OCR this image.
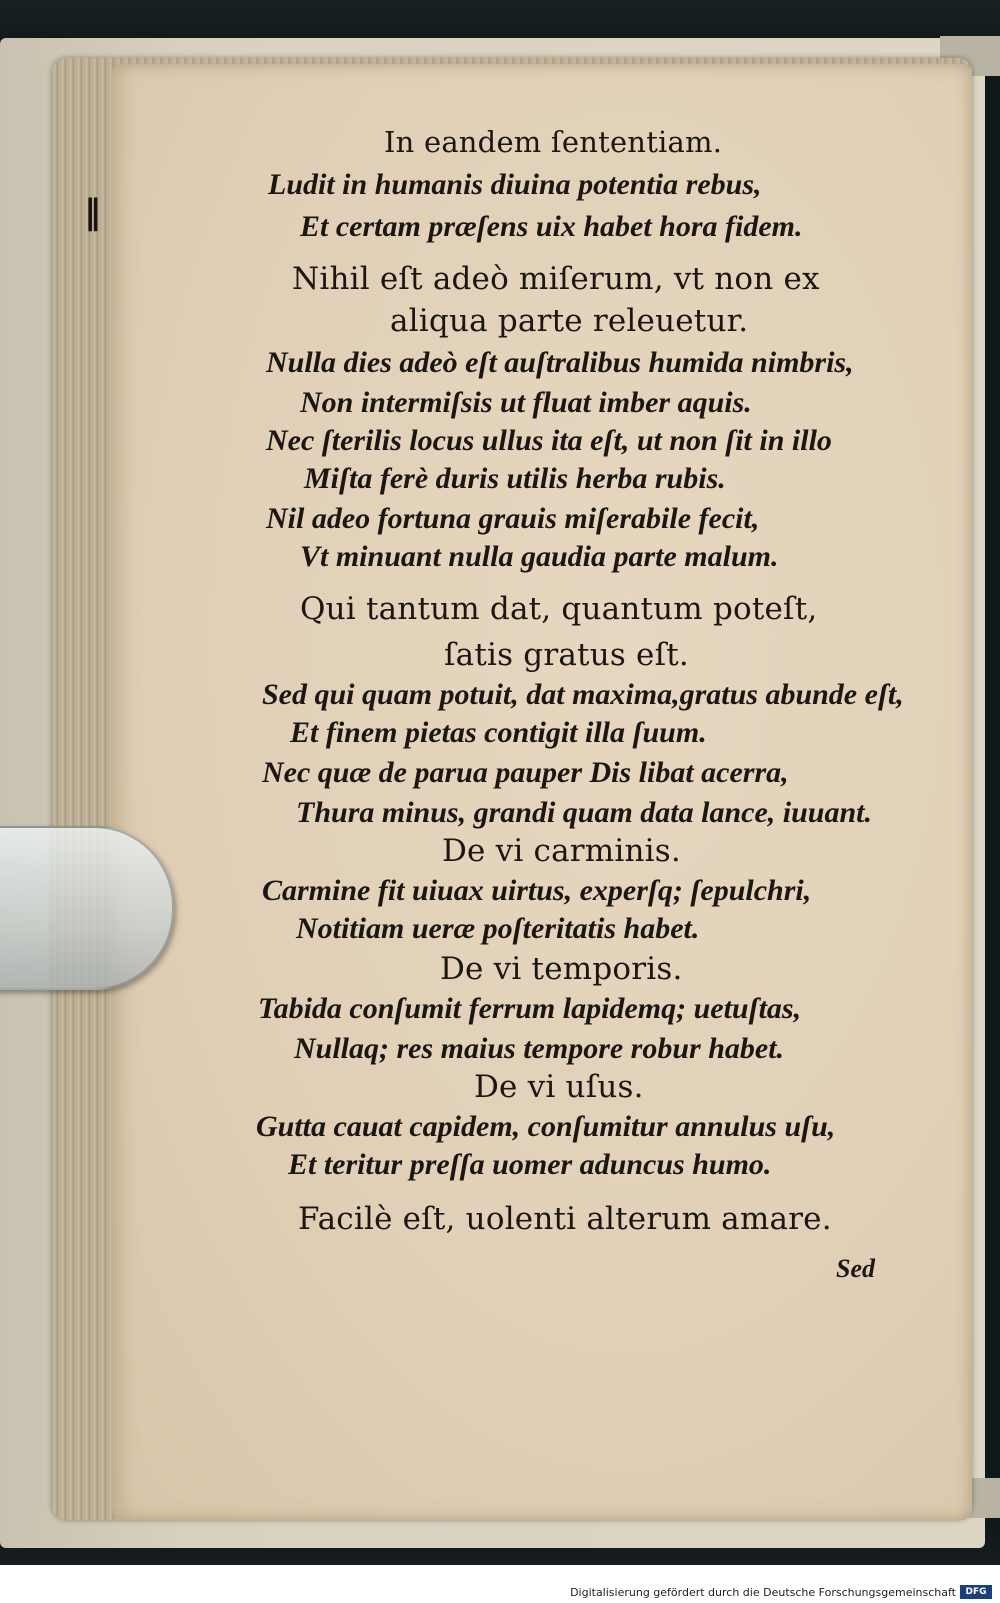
‖
In eandem ſententiam.
Ludit in humanis diuina potentia rebus,
Et certam præſens uix habet hora fidem.
Nihil eſt adeò miſerum, vt non ex
aliqua parte releuetur.
Nulla dies adeò eſt auſtralibus humida nimbris,
Non intermiſsis ut fluat imber aquis.
Nec ſterilis locus ullus ita eſt, ut non ſit in illo
Miſta ferè duris utilis herba rubis.
Nil adeo fortuna grauis miſerabile fecit,
Vt minuant nulla gaudia parte malum.
Qui tantum dat, quantum poteſt,
ſatis gratus eſt.
Sed qui quam potuit, dat maxima,gratus abunde eſt,
Et finem pietas contigit illa ſuum.
Nec quæ de parua pauper Dis libat acerra,
Thura minus, grandi quam data lance, iuuant.
De vi carminis.
Carmine fit uiuax uirtus, experſq; ſepulchri,
Notitiam ueræ poſteritatis habet.
De vi temporis.
Tabida conſumit ferrum lapidemq; uetuſtas,
Nullaq; res maius tempore robur habet.
De vi uſus.
Gutta cauat capidem, conſumitur annulus uſu,
Et teritur preſſa uomer aduncus humo.
Facilè eſt, uolenti alterum amare.
Sed
Digitalisierung gefördert durch die Deutsche Forschungsgemeinschaft	DFG
